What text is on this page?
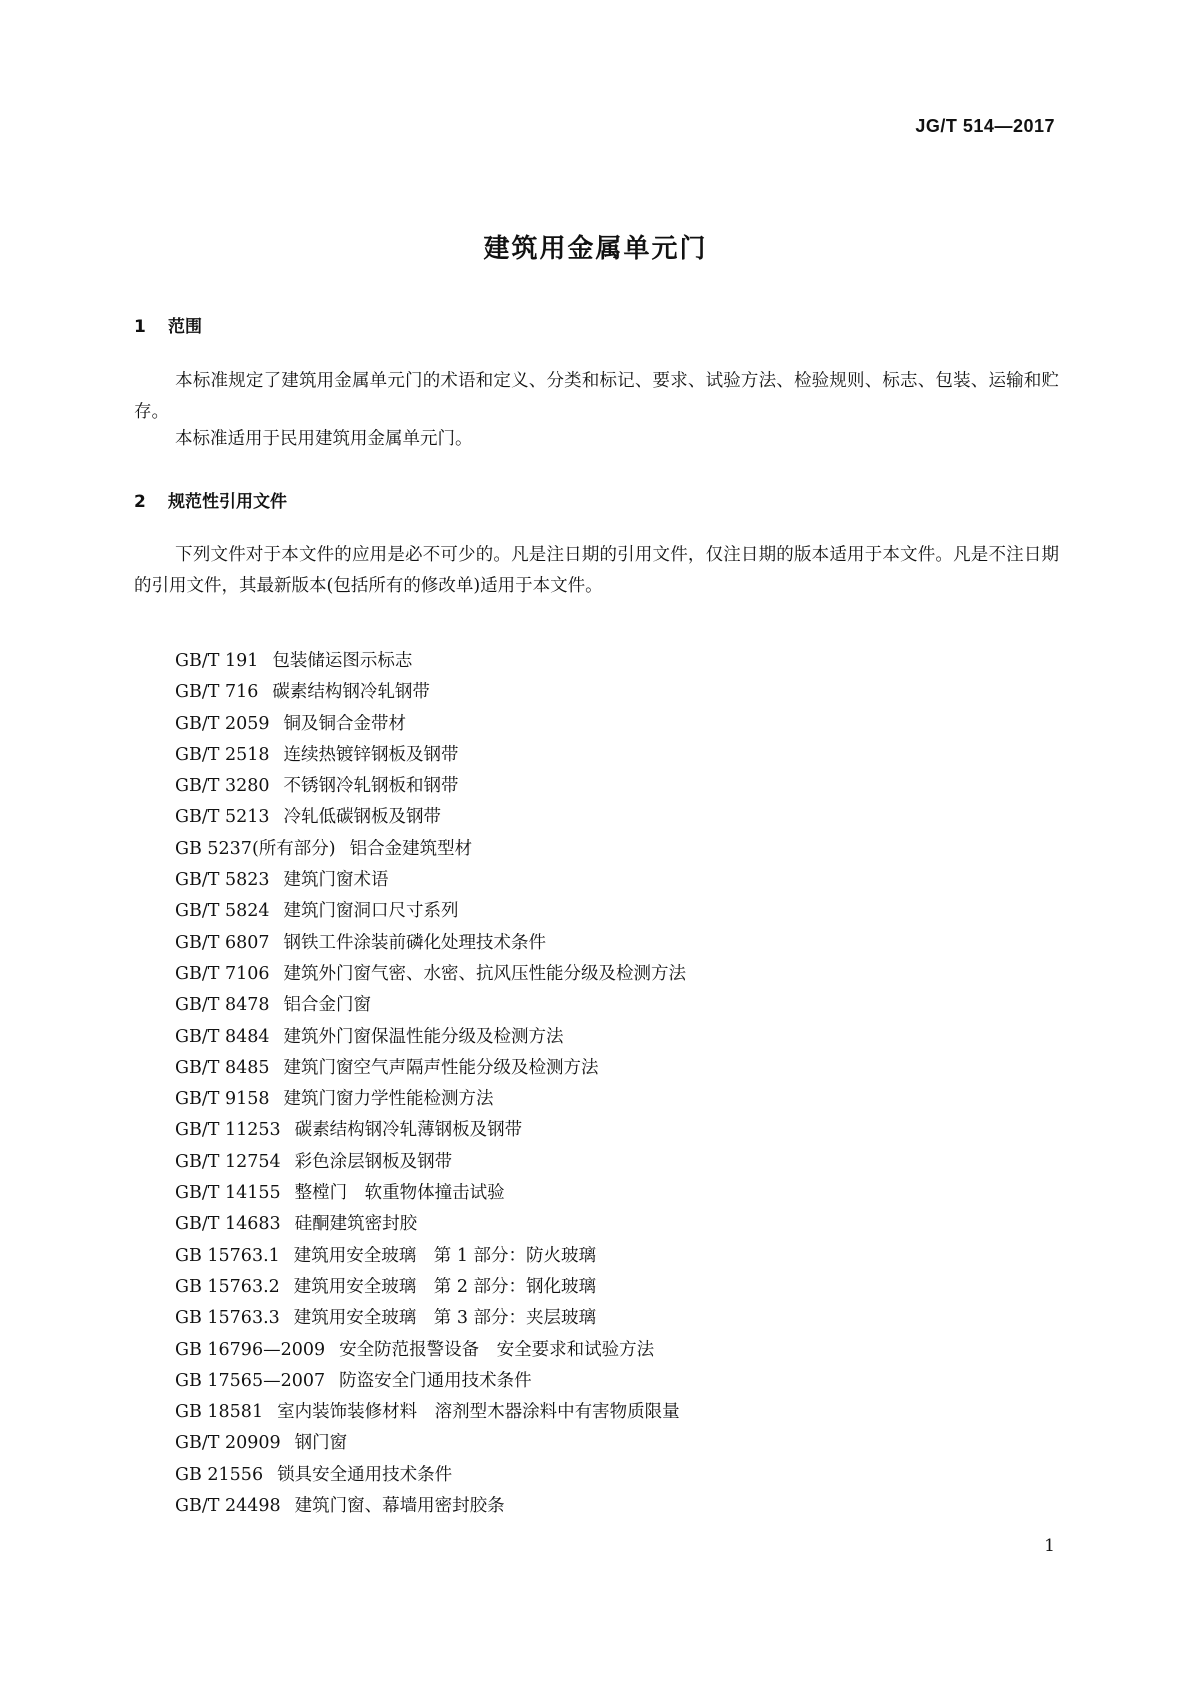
JG/T 514—2017
建筑用金属单元门
1 范围
本标准规定了建筑用金属单元门的术语和定义、分类和标记、要求、试验方法、检验规则、标志、包装、运输和贮存。
本标准适用于民用建筑用金属单元门。
2 规范性引用文件
下列文件对于本文件的应用是必不可少的。凡是注日期的引用文件，仅注日期的版本适用于本文件。凡是不注日期的引用文件，其最新版本(包括所有的修改单)适用于本文件。
GB/T 191 包装储运图示标志
GB/T 716 碳素结构钢冷轧钢带
GB/T 2059 铜及铜合金带材
GB/T 2518 连续热镀锌钢板及钢带
GB/T 3280 不锈钢冷轧钢板和钢带
GB/T 5213 冷轧低碳钢板及钢带
GB 5237(所有部分) 铝合金建筑型材
GB/T 5823 建筑门窗术语
GB/T 5824 建筑门窗洞口尺寸系列
GB/T 6807 钢铁工件涂装前磷化处理技术条件
GB/T 7106 建筑外门窗气密、水密、抗风压性能分级及检测方法
GB/T 8478 铝合金门窗
GB/T 8484 建筑外门窗保温性能分级及检测方法
GB/T 8485 建筑门窗空气声隔声性能分级及检测方法
GB/T 9158 建筑门窗力学性能检测方法
GB/T 11253 碳素结构钢冷轧薄钢板及钢带
GB/T 12754 彩色涂层钢板及钢带
GB/T 14155 整樘门　软重物体撞击试验
GB/T 14683 硅酮建筑密封胶
GB 15763.1 建筑用安全玻璃　第 1 部分：防火玻璃
GB 15763.2 建筑用安全玻璃　第 2 部分：钢化玻璃
GB 15763.3 建筑用安全玻璃　第 3 部分：夹层玻璃
GB 16796—2009 安全防范报警设备　安全要求和试验方法
GB 17565—2007 防盗安全门通用技术条件
GB 18581 室内装饰装修材料　溶剂型木器涂料中有害物质限量
GB/T 20909 钢门窗
GB 21556 锁具安全通用技术条件
GB/T 24498 建筑门窗、幕墙用密封胶条
1
